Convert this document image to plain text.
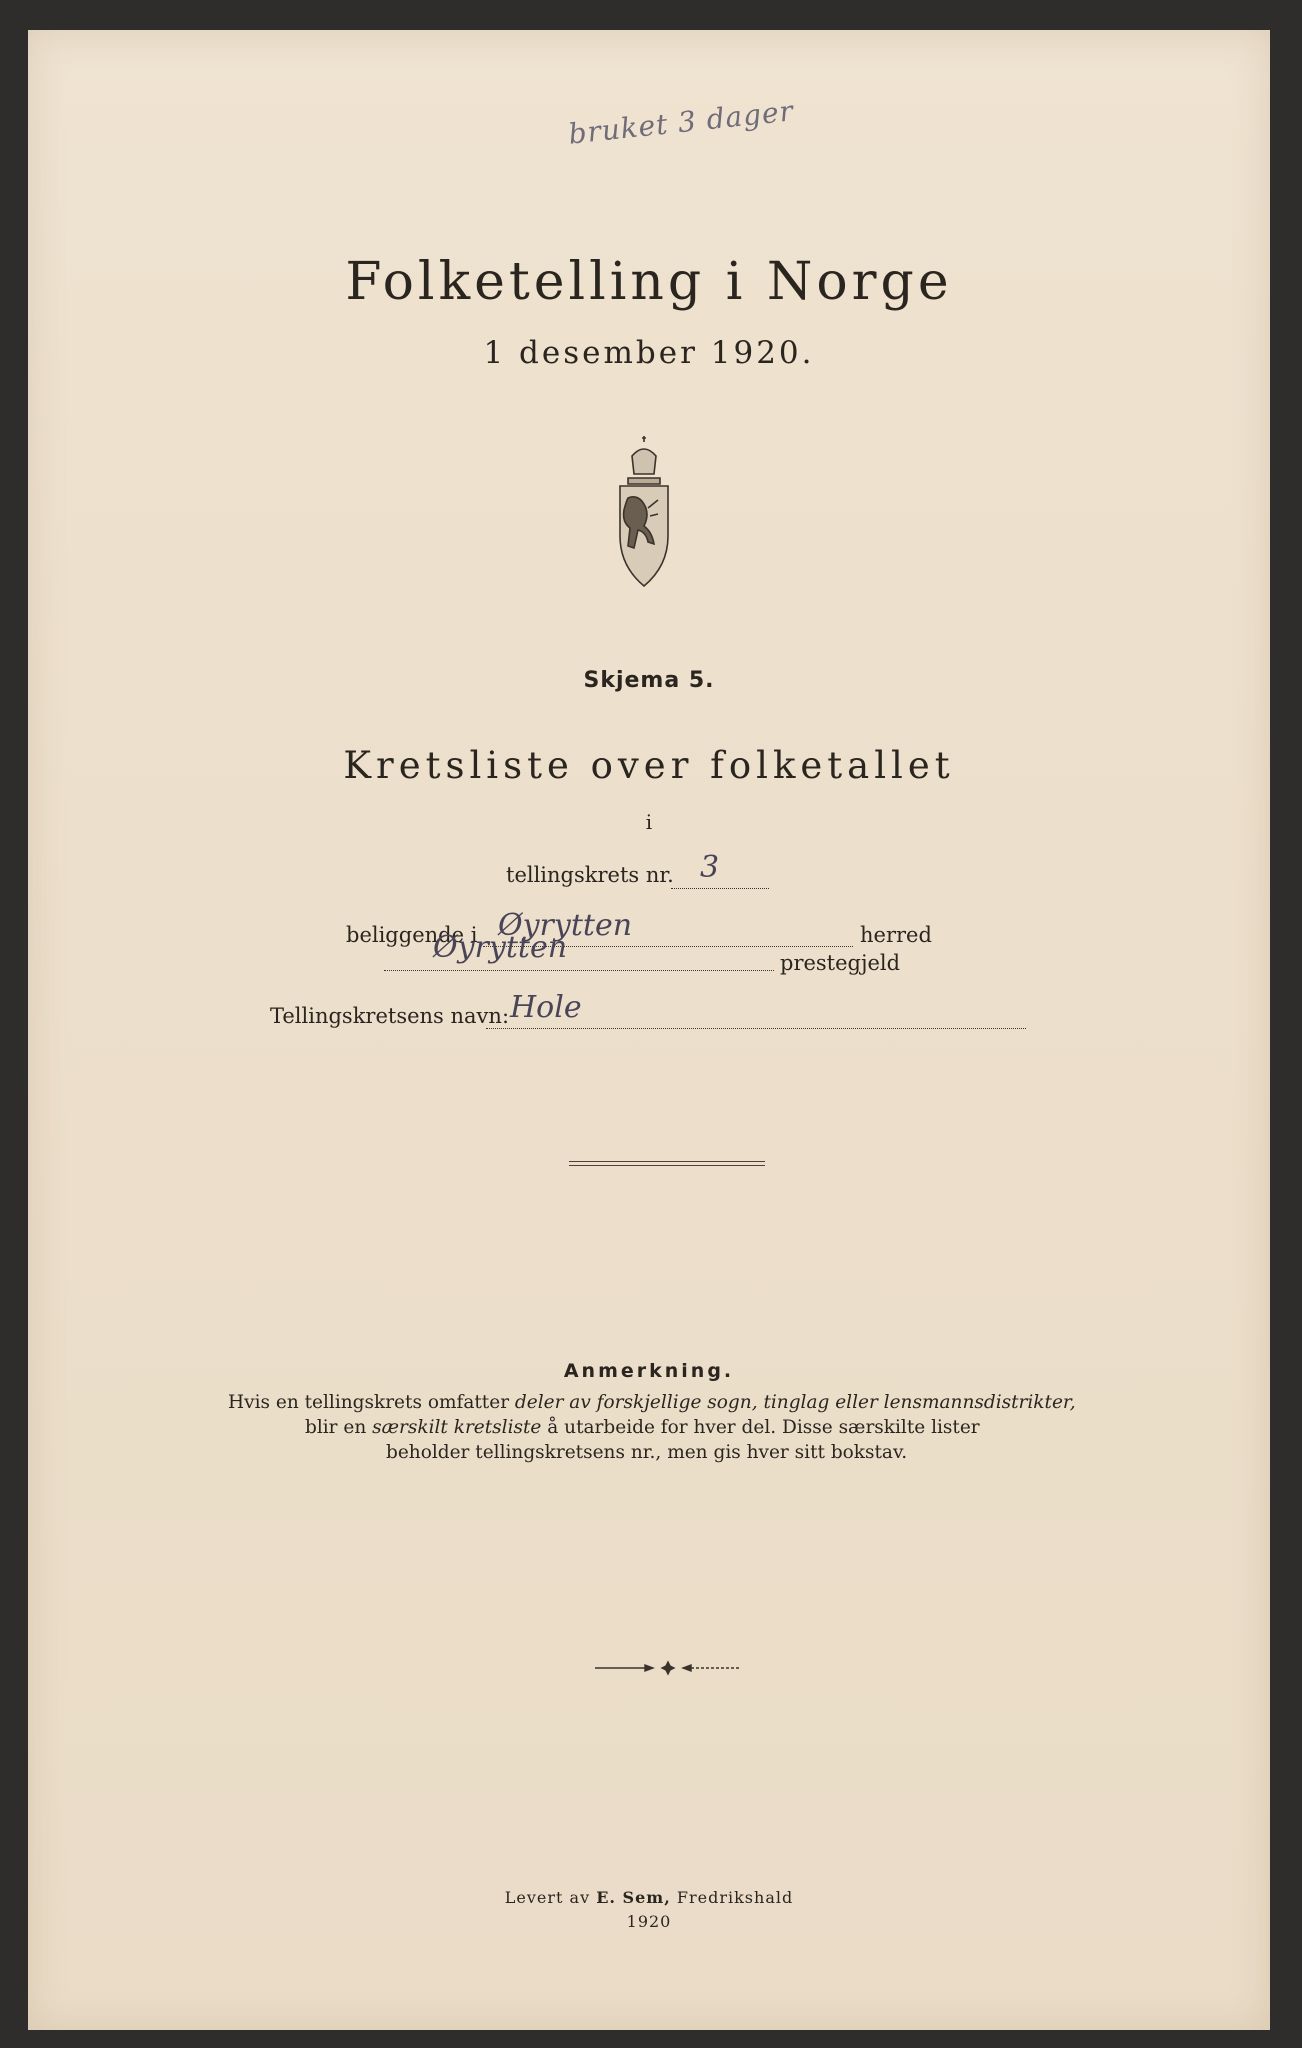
bruket 3 dager
Folketelling i Norge
1 desember 1920.
Skjema 5.
Kretsliste over folketallet
i
tellingskrets nr. 3
beliggende i Øyrytten	herred
Øyrytten	prestegjeld
Tellingskretsens navn: Hole
Anmerkning.
Hvis en tellingskrets omfatter deler av forskjellige sogn, tinglag eller lensmannsdistrikter,
blir en særskilt kretsliste å utarbeide for hver del. Disse særskilte lister
beholder tellingskretsens nr., men gis hver sitt bokstav.
Levert av E. Sem, Fredrikshald
1920
